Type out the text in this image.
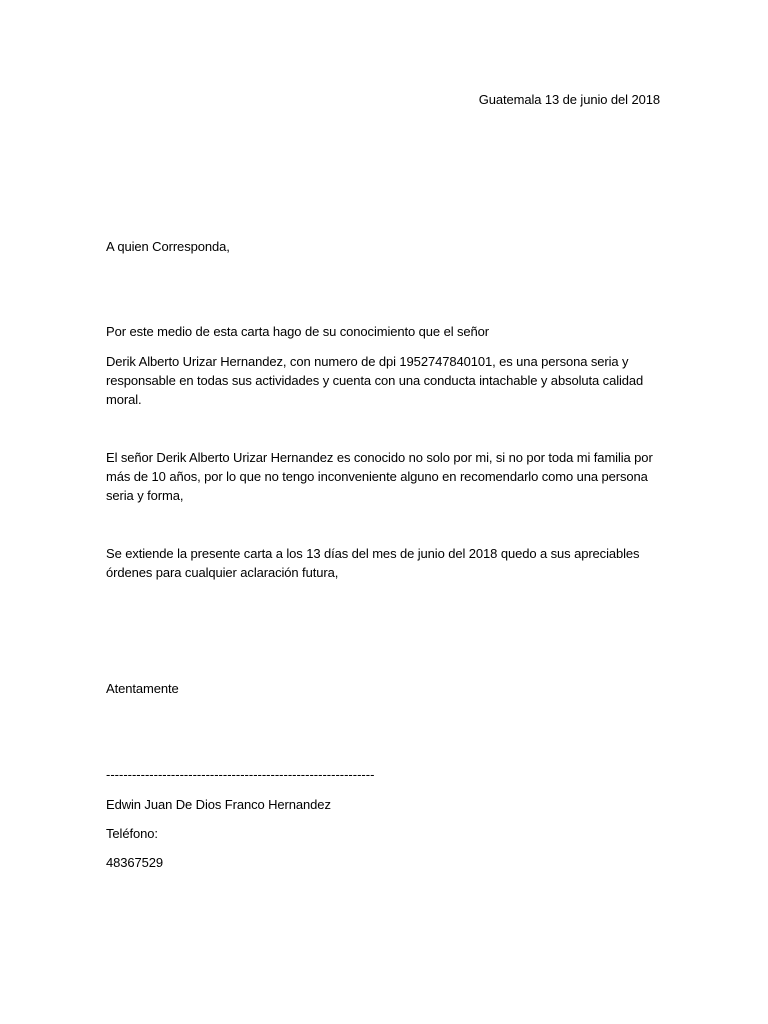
Guatemala 13 de junio del 2018

A quien Corresponda,

Por este medio de esta carta hago de su conocimiento que el señor

Derik Alberto Urizar Hernandez, con numero de dpi 1952747840101, es una persona seria y

responsable en todas sus actividades y cuenta con una conducta intachable y absoluta calidad

moral.

El señor Derik Alberto Urizar Hernandez es conocido no solo por mi, si no por toda mi familia por

más de 10 años, por lo que no tengo inconveniente alguno en recomendarlo como una persona

seria y forma,

Se extiende la presente carta a los 13 días del mes de junio del 2018 quedo a sus apreciables

órdenes para cualquier aclaración futura,

Atentamente

--------------------------------------------------------------

Edwin Juan De Dios Franco Hernandez

Teléfono:

48367529
